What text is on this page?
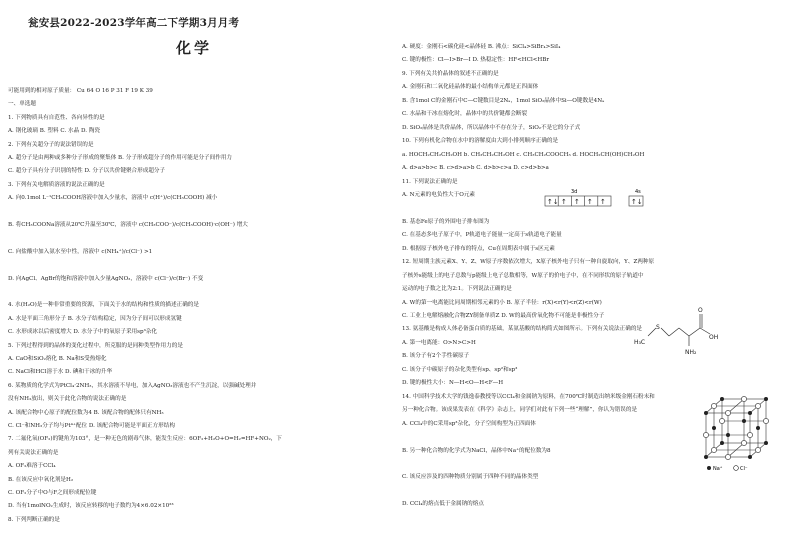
瓮安县2022-2023学年高二下学期3月月考
化学
可能用到的相对原子质量： Cu 64 O 16 P 31 F 19 K 39
一、单选题
1. 下列物质具有自范性、各向异性的是
A. 钢化玻璃 B. 塑料 C. 水晶 D. 陶瓷
2. 下列有关超分子的说法错误的是
A. 超分子是由两种或多种分子形成的聚集体 B. 分子形成超分子的作用可能是分子间作用力
C. 超分子具有分子识别的特性 D. 分子以共价键聚合形成超分子
3. 下列有关电解质溶液的说法正确的是
A. 向0.1mol L⁻¹CH₃COOH溶液中加入少量水，溶液中 c(H⁺)/c(CH₃COOH) 减小
B. 将CH₃COONa溶液从20℃升温至30℃，溶液中 c(CH₃COO⁻)/c(CH₃COOH)·c(OH⁻) 增大
C. 向盐酸中加入氨水至中性，溶液中 c(NH₄⁺)/c(Cl⁻) >1
D. 向AgCl、AgBr的饱和溶液中加入少量AgNO₃，溶液中 c(Cl⁻)/c(Br⁻) 不变
4. 水(H₂O)是一种非常重要的资源，下面关于水的结构和性质的描述正确的是
A. 水是平面三角形分子 B. 水分子结构稳定，因为分子间可以形成氢键
C. 水形成冰以后密度增大 D. 水分子中的氧原子采用sp³杂化
5. 下列过程得到的晶体的变化过程中，所克服的是同种类型作用力的是
A. CaO和SiO₂熔化 B. Na和S受热熔化
C. NaCl和HCl溶于水 D. 碘和干冰的升华
6. 某物质的化学式为PtCl₄·2NH₃，其水溶液不导电，加入AgNO₃溶液也不产生沉淀，以强碱处理并
没有NH₃放出，则关于此化合物的说法正确的是
A. 该配合物中心原子的配位数为4 B. 该配合物的配体只有NH₃
C. Cl⁻和NH₃分子均与Pt⁴⁺配位 D. 该配合物可能是平面正方形结构
7. 二氟化氧(OF₂)的键角为103°，是一种无色的剧毒气体，能发生反应：6OF₂+H₂O+O=H₂=HF+NO₂，下
列有关说法正确的是
A. OF₂难溶于CCl₄
B. 在该反应中氧化剂是H₂
C. OF₂分子中O与F之间形成配位键
D. 当有1molNO₂生成时，该反应转移的电子数约为4×6.02×10²³
8. 下列判断正确的是
A. 硬度：金刚石<碳化硅<晶体硅 B. 沸点：SiCl₄>SiBr₄>SiI₄
C. 键的极性：Cl—I>Br—I D. 热稳定性：HF<HCl<HBr
9. 下列有关共价晶体的叙述不正确的是
A. 金刚石和二氧化硅晶体的最小结构单元都是正四面体
B. 含1mol C的金刚石中C—C键数目是2Nₐ，1mol SiO₂晶体中Si—O键数是4Nₐ
C. 水晶和干冰在熔化时，晶体中的共价键都会断裂
D. SiO₂晶体是共价晶体，所以晶体中不存在分子，SiO₂不是它的分子式
10. 下列有机化合物在水中的溶解度由大到小排列顺序正确的是
a. HOCH₂CH₂CH₂OH b. CH₃CH₂CH₂OH c. CH₃CH₂COOCH₃ d. HOCH₂CH(OH)CH₂OH
A. d>a>b>c B. c>d>a>b C. d>b>c>a D. c>d>b>a
11. 下列说法正确的是
A. N元素的电负性大于O元素
B. 基态Fe原子的外围电子排布图为
C. 在基态多电子原子中，P轨道电子能量一定高于s轨道电子能量
D. 根据原子核外电子排布的特点，Cu在周期表中属于s区元素
12. 短周期主族元素X、Y、Z、W原子序数依次增大，X原子核外电子只有一种自旋取向，Y、Z两种原
子核外s能级上的电子总数与p能级上电子总数相等，W原子的价电子中，在不同形状的原子轨道中
运动的电子数之比为2:1。下列说法正确的是
A. W的第一电离能比同周期相邻元素的小 B. 原子半径：r(X)<r(Y)<r(Z)<r(W)
C. 工业上电解熔融化合物ZY制备单质Z D. W的最高价氧化物不可能是非极性分子
13. 氨基酸是构成人体必备蛋白质的基础，某氨基酸的结构简式如图所示。下列有关说法正确的是
A. 第一电离能：O>N>C>H
B. 该分子有2个手性碳原子
C. 该分子中碳原子的杂化类型有sp、sp²和sp³
D. 键的极性大小：N—H<O—H<F—H
14. 中国科学技术大学的钱逸泰教授等以CCl₄和金属钠为原料，在700℃时制造出纳米级金刚石粉末和
另一种化合物。该成果发表在《科学》杂志上，同学们对此有下列一些“理解”，你认为错误的是
A. CCl₄中的C采用sp³杂化，分子空间构型为正四面体
B. 另一种化合物的化学式为NaCl，晶体中Na⁺的配位数为8
C. 该反应涉及的四种物质分别属于四种不同的晶体类型
D. CCl₄的熔点低于金属钠的熔点
3d	4s
↑↓ ↑ ↑ ↑ ↑	↑↓
H₃C
S
O
OH
NH₂
Na⁺	Cl⁻
